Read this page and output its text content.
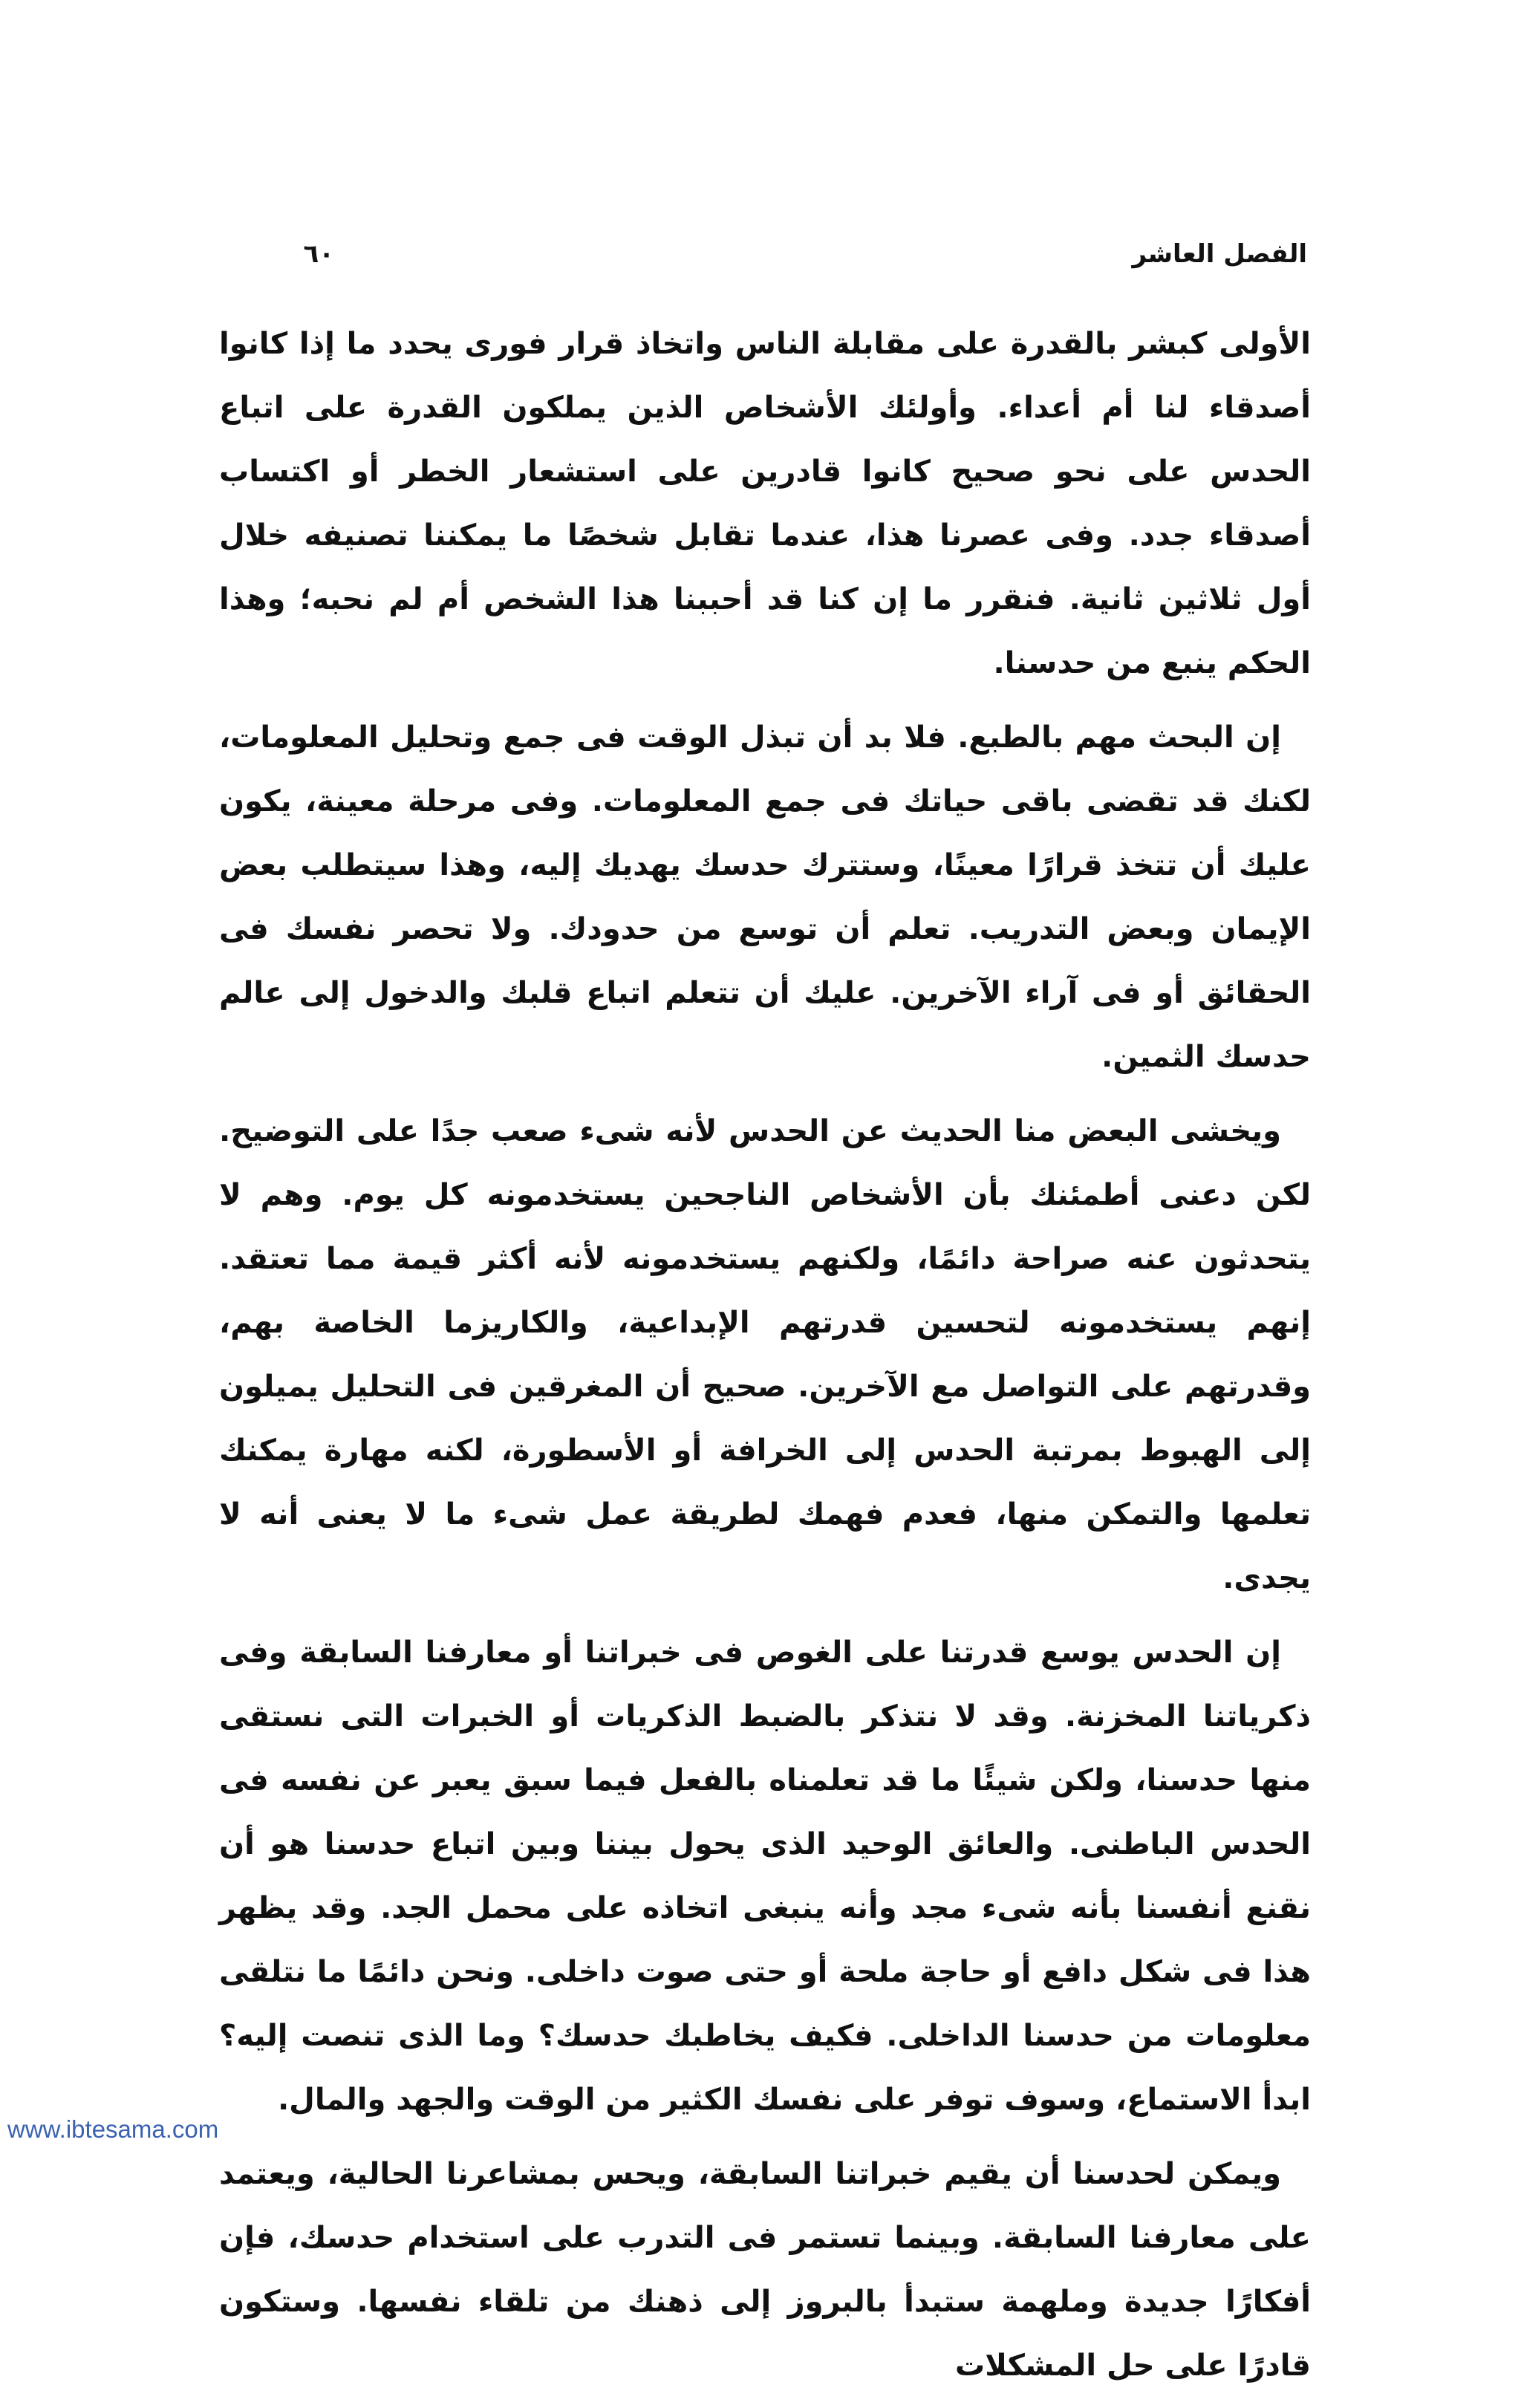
٦٠	الفصل العاشر

الأولى كبشر بالقدرة على مقابلة الناس واتخاذ قرار فورى يحدد ما إذا كانوا أصدقاء لنا أم أعداء. وأولئك الأشخاص الذين يملكون القدرة على اتباع الحدس على نحو صحيح كانوا قادرين على استشعار الخطر أو اكتساب أصدقاء جدد. وفى عصرنا هذا، عندما تقابل شخصًا ما يمكننا تصنيفه خلال أول ثلاثين ثانية. فنقرر ما إن كنا قد أحببنا هذا الشخص أم لم نحبه؛ وهذا الحكم ينبع من حدسنا.

إن البحث مهم بالطبع. فلا بد أن تبذل الوقت فى جمع وتحليل المعلومات، لكنك قد تقضى باقى حياتك فى جمع المعلومات. وفى مرحلة معينة، يكون عليك أن تتخذ قرارًا معينًا، وستترك حدسك يهديك إليه، وهذا سيتطلب بعض الإيمان وبعض التدريب. تعلم أن توسع من حدودك. ولا تحصر نفسك فى الحقائق أو فى آراء الآخرين. عليك أن تتعلم اتباع قلبك والدخول إلى عالم حدسك الثمين.

ويخشى البعض منا الحديث عن الحدس لأنه شىء صعب جدًا على التوضيح. لكن دعنى أطمئنك بأن الأشخاص الناجحين يستخدمونه كل يوم. وهم لا يتحدثون عنه صراحة دائمًا، ولكنهم يستخدمونه لأنه أكثر قيمة مما تعتقد. إنهم يستخدمونه لتحسين قدرتهم الإبداعية، والكاريزما الخاصة بهم، وقدرتهم على التواصل مع الآخرين. صحيح أن المغرقين فى التحليل يميلون إلى الهبوط بمرتبة الحدس إلى الخرافة أو الأسطورة، لكنه مهارة يمكنك تعلمها والتمكن منها، فعدم فهمك لطريقة عمل شىء ما لا يعنى أنه لا يجدى.

إن الحدس يوسع قدرتنا على الغوص فى خبراتنا أو معارفنا السابقة وفى ذكرياتنا المخزنة. وقد لا نتذكر بالضبط الذكريات أو الخبرات التى نستقى منها حدسنا، ولكن شيئًا ما قد تعلمناه بالفعل فيما سبق يعبر عن نفسه فى الحدس الباطنى. والعائق الوحيد الذى يحول بيننا وبين اتباع حدسنا هو أن نقنع أنفسنا بأنه شىء مجد وأنه ينبغى اتخاذه على محمل الجد. وقد يظهر هذا فى شكل دافع أو حاجة ملحة أو حتى صوت داخلى. ونحن دائمًا ما نتلقى معلومات من حدسنا الداخلى. فكيف يخاطبك حدسك؟ وما الذى تنصت إليه؟ ابدأ الاستماع، وسوف توفر على نفسك الكثير من الوقت والجهد والمال.

ويمكن لحدسنا أن يقيم خبراتنا السابقة، ويحس بمشاعرنا الحالية، ويعتمد على معارفنا السابقة. وبينما تستمر فى التدرب على استخدام حدسك، فإن أفكارًا جديدة وملهمة ستبدأ بالبروز إلى ذهنك من تلقاء نفسها. وستكون قادرًا على حل المشكلات

www.ibtesama.com
